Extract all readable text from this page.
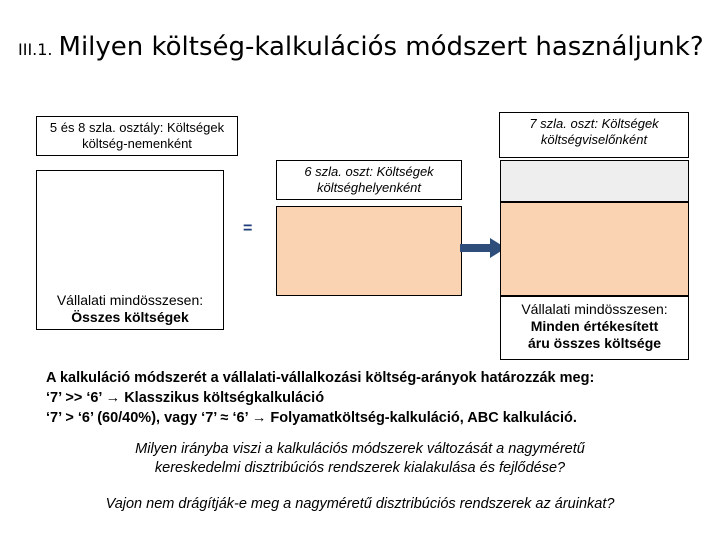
III.1. Milyen költség-kalkulációs módszert használjunk?
5 és 8 szla. osztály: Költségek költség-nemenként
Vállalati mindösszesen:
Összes költségek
6 szla. oszt: Költségek költséghelyenként
=
7 szla. oszt: Költségek költségviselőnként
Vállalati mindösszesen:
Minden értékesített
áru összes költsége
A kalkuláció módszerét a vállalati-vállalkozási költség-arányok határozzák meg:
‘7’ >> ‘6’ → Klasszikus költségkalkuláció
‘7’ > ‘6’ (60/40%), vagy ‘7’ ≈ ‘6’ → Folyamatköltség-kalkuláció, ABC kalkuláció.
Milyen irányba viszi a kalkulációs módszerek változását a nagyméretű
kereskedelmi disztribúciós rendszerek kialakulása és fejlődése?
Vajon nem drágítják-e meg a nagyméretű disztribúciós rendszerek az áruinkat?
